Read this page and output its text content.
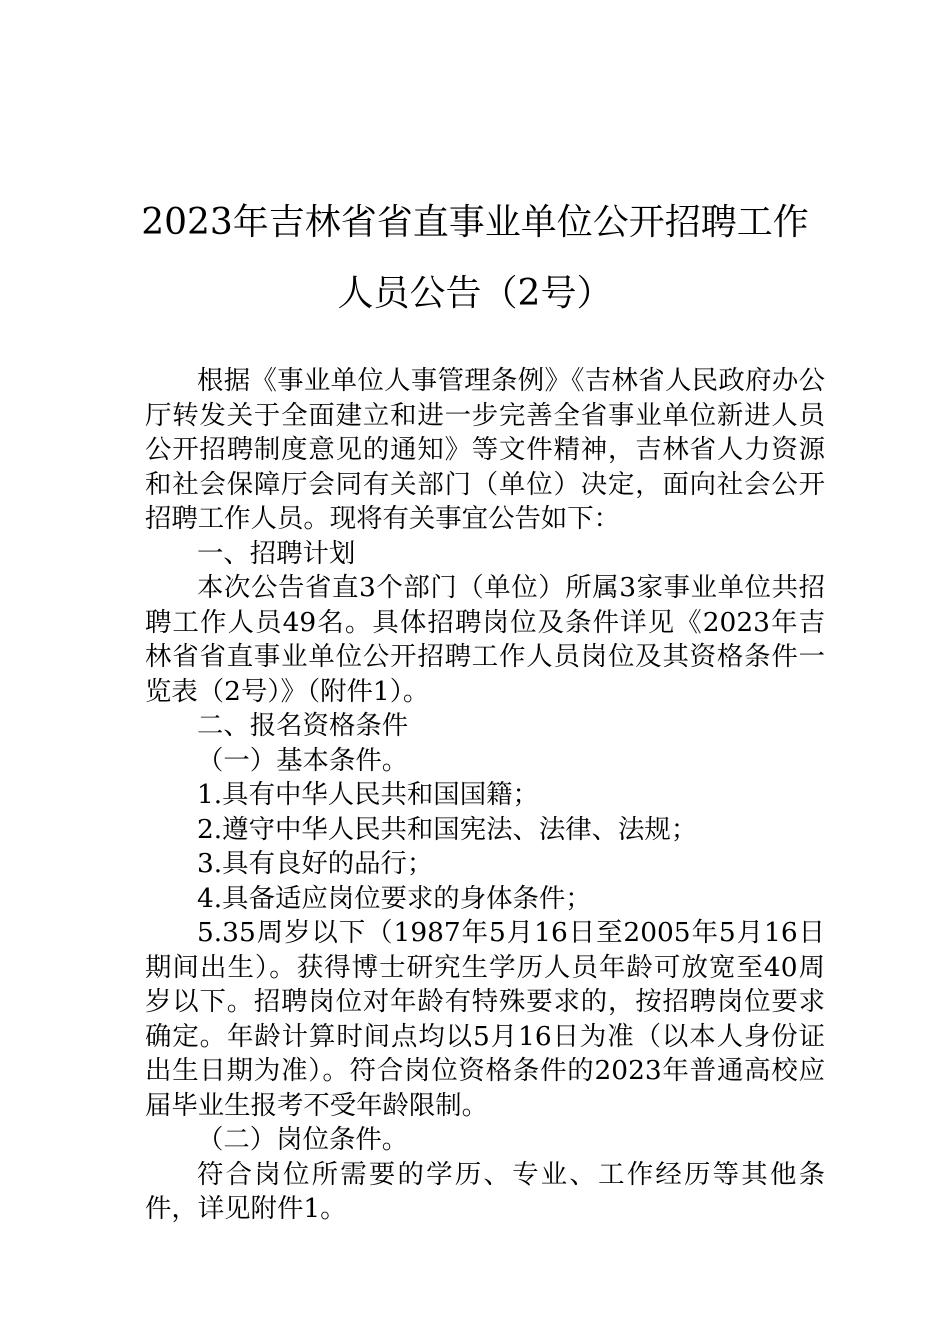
2023年吉林省省直事业单位公开招聘工作
人员公告（2号）

根据《事业单位人事管理条例》《吉林省人民政府办公厅转发关于全面建立和进一步完善全省事业单位新进人员公开招聘制度意见的通知》等文件精神，吉林省人力资源和社会保障厅会同有关部门（单位）决定，面向社会公开招聘工作人员。现将有关事宜公告如下：

一、招聘计划

本次公告省直3个部门（单位）所属3家事业单位共招聘工作人员49名。具体招聘岗位及条件详见《2023年吉林省省直事业单位公开招聘工作人员岗位及其资格条件一览表（2号）》（附件1）。

二、报名资格条件

（一）基本条件。

1.具有中华人民共和国国籍；

2.遵守中华人民共和国宪法、法律、法规；

3.具有良好的品行；

4.具备适应岗位要求的身体条件；

5.35周岁以下（1987年5月16日至2005年5月16日期间出生）。获得博士研究生学历人员年龄可放宽至40周岁以下。招聘岗位对年龄有特殊要求的，按招聘岗位要求确定。年龄计算时间点均以5月16日为准（以本人身份证出生日期为准）。符合岗位资格条件的2023年普通高校应届毕业生报考不受年龄限制。

（二）岗位条件。

符合岗位所需要的学历、专业、工作经历等其他条件，详见附件1。
